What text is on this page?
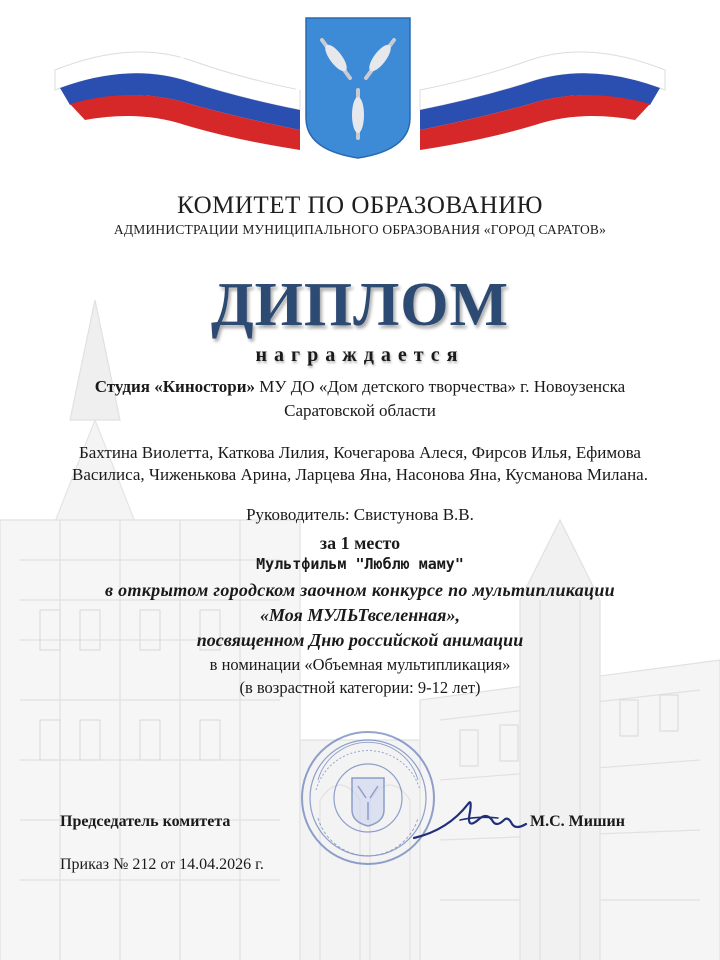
КОМИТЕТ ПО ОБРАЗОВАНИЮ
АДМИНИСТРАЦИИ МУНИЦИПАЛЬНОГО ОБРАЗОВАНИЯ «ГОРОД САРАТОВ»
ДИПЛОМ
награждается
Студия «Киностори» МУ ДО «Дом детского творчества» г. Новоузенска
Саратовской области
Бахтина Виолетта, Каткова Лилия, Кочегарова Алеся, Фирсов Илья, Ефимова
Василиса, Чиженькова Арина, Ларцева Яна, Насонова Яна, Кусманова Милана.
Руководитель: Свистунова В.В.
за 1 место
Мультфильм "Люблю маму"
в открытом городском заочном конкурсе по мультипликации
«Моя МУЛЬТвселенная»,
посвященном Дню российской анимации
в номинации «Объемная мультипликация»
(в возрастной категории: 9-12 лет)
Председатель комитета	М.С. Мишин
Приказ № 212 от 14.04.2026 г.
